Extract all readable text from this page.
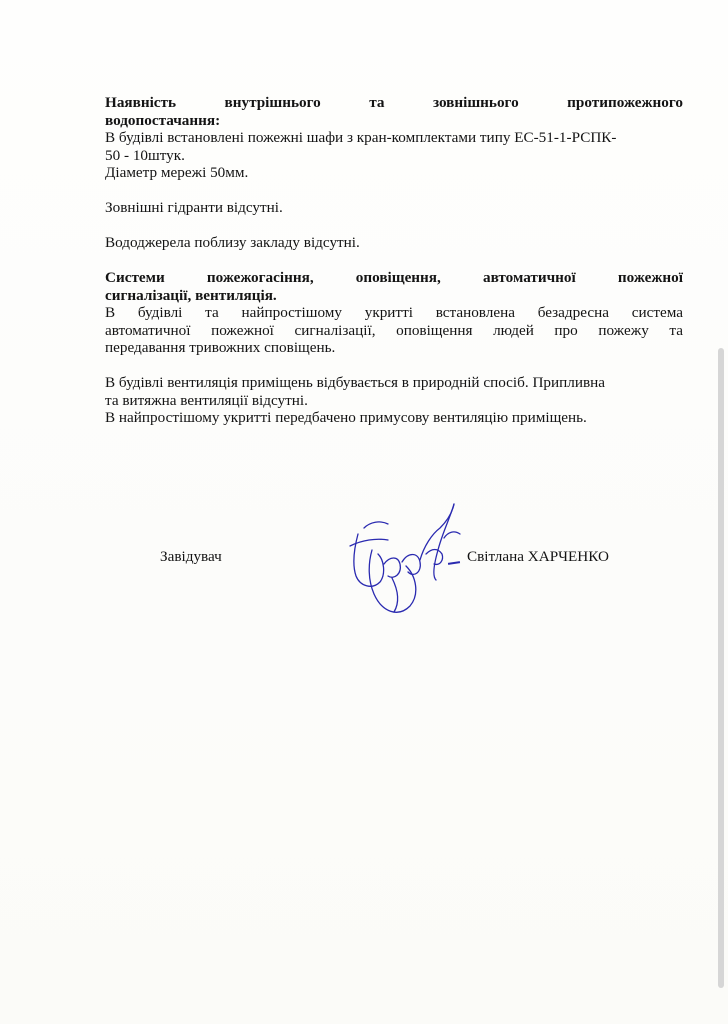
Наявність	внутрішнього	та	зовнішнього	протипожежного
водопостачання:
В будівлі встановлені пожежні шафи з кран-комплектами типу ЕС-51-1-РСПК-
50 - 10штук.
Діаметр мережі 50мм.
Зовнішні гідранти відсутні.
Вододжерела поблизу закладу відсутні.
Системи	пожежогасіння,	оповіщення,	автоматичної	пожежної
сигналізації, вентиляція.
В будівлі та найпростішому укритті встановлена безадресна система
автоматичної пожежної сигналізації, оповіщення людей про пожежу та
передавання тривожних сповіщень.
В будівлі вентиляція приміщень відбувається в природній спосіб. Припливна
та витяжна вентиляції відсутні.
В найпростішому укритті передбачено примусову вентиляцію приміщень.
Завідувач	Світлана ХАРЧЕНКО
